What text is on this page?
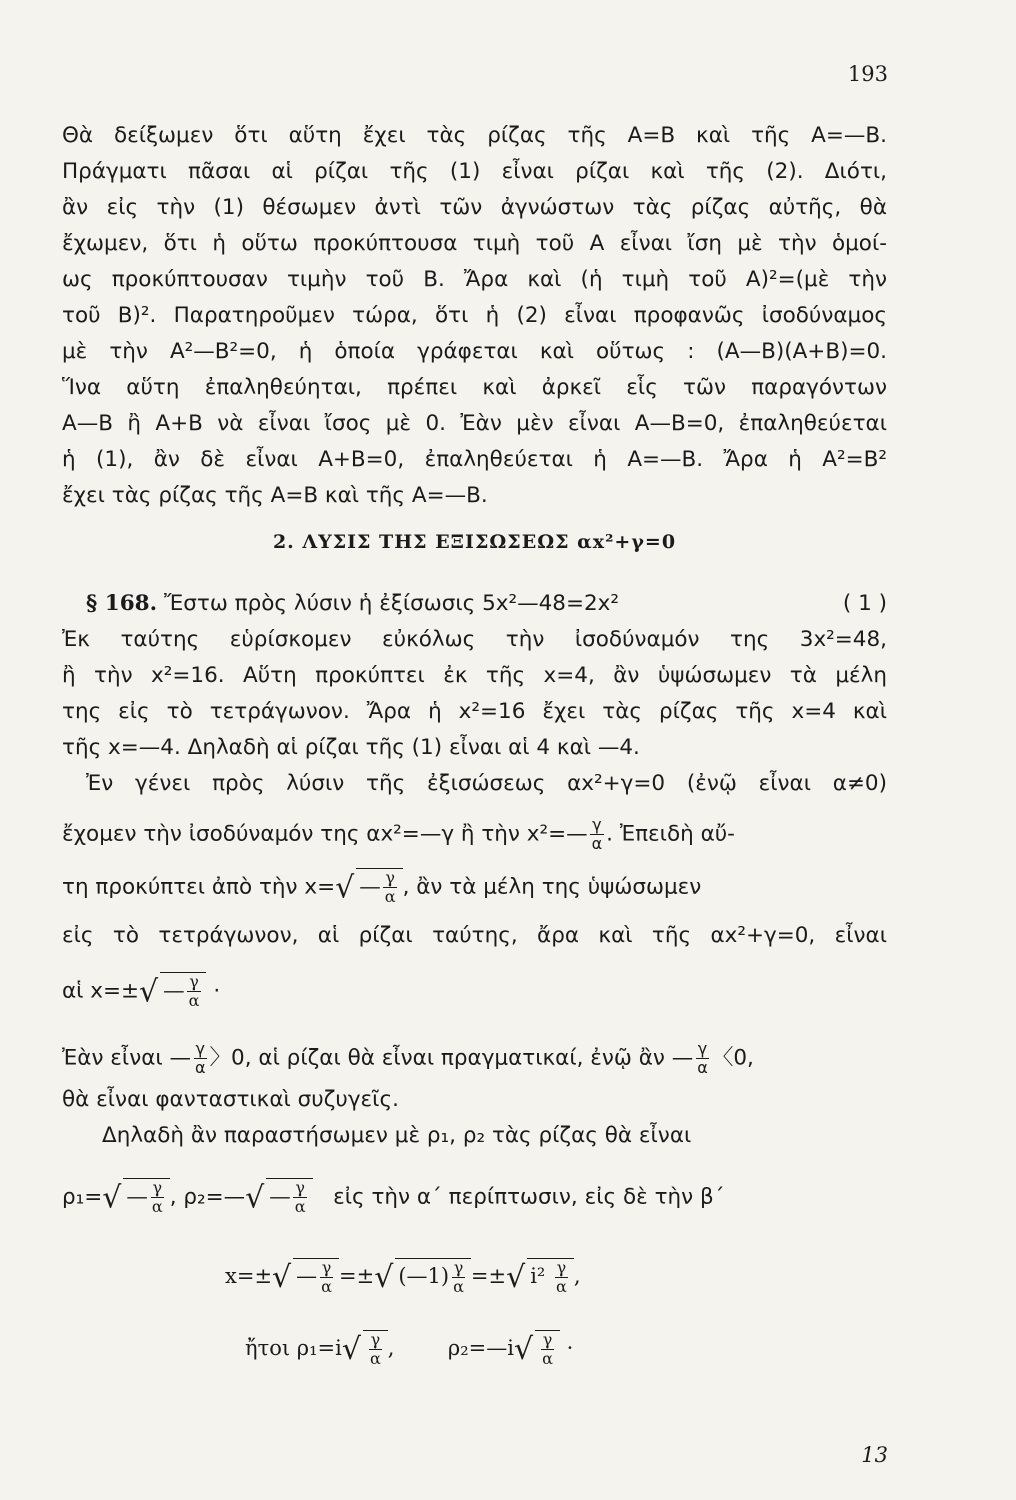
193
Θὰ δείξωμεν ὅτι αὕτη ἔχει τὰς ρίζας τῆς Α=Β καὶ τῆς Α=—Β.
Πράγματι πᾶσαι αἱ ρίζαι τῆς (1) εἶναι ρίζαι καὶ τῆς (2). Διότι,
ἂν εἰς τὴν (1) θέσωμεν ἀντὶ τῶν ἀγνώστων τὰς ρίζας αὐτῆς, θὰ
ἔχωμεν, ὅτι ἡ οὕτω προκύπτουσα τιμὴ τοῦ Α εἶναι ἴση μὲ τὴν ὁμοί-
ως προκύπτουσαν τιμὴν τοῦ Β. Ἄρα καὶ (ἡ τιμὴ τοῦ Α)²=(μὲ τὴν
τοῦ Β)². Παρατηροῦμεν τώρα, ὅτι ἡ (2) εἶναι προφανῶς ἰσοδύναμος
μὲ τὴν Α²—Β²=0, ἡ ὁποία γράφεται καὶ οὕτως : (Α—Β)(Α+Β)=0.
Ἵνα αὕτη ἐπαληθεύηται, πρέπει καὶ ἀρκεῖ εἷς τῶν παραγόντων
Α—Β ἢ Α+Β νὰ εἶναι ἴσος μὲ 0. Ἐὰν μὲν εἶναι Α—Β=0, ἐπαληθεύεται
ἡ (1), ἂν δὲ εἶναι Α+Β=0, ἐπαληθεύεται ἡ Α=—Β. Ἄρα ἡ Α²=Β²
ἔχει τὰς ρίζας τῆς Α=Β καὶ τῆς Α=—Β.
2. ΛΥΣΙΣ ΤΗΣ ΕΞΙΣΩΣΕΩΣ αx²+γ=0
§ 168. Ἔστω πρὸς λύσιν ἡ ἐξίσωσις 5x²—48=2x²	( 1 )
Ἐκ ταύτης εὑρίσκομεν εὐκόλως τὴν ἰσοδύναμόν της 3x²=48,
ἢ τὴν x²=16. Αὕτη προκύπτει ἐκ τῆς x=4, ἂν ὑψώσωμεν τὰ μέλη
της εἰς τὸ τετράγωνον. Ἄρα ἡ x²=16 ἔχει τὰς ρίζας τῆς x=4 καὶ
τῆς x=—4. Δηλαδὴ αἱ ρίζαι τῆς (1) εἶναι αἱ 4 καὶ —4.
Ἐν γένει πρὸς λύσιν τῆς ἐξισώσεως αx²+γ=0 (ἐνῷ εἶναι α≠0)
ἔχομεν τὴν ἰσοδύναμόν της αx²=—γ ἢ τὴν x²=— $\frac{\gamma}{\alpha}$ . Ἐπειδὴ αὔ-
τη προκύπτει ἀπὸ τὴν x=√ — $\frac{\gamma}{\alpha}$ , ἂν τὰ μέλη της ὑψώσωμεν
εἰς τὸ τετράγωνον, αἱ ρίζαι ταύτης, ἄρα καὶ τῆς αx²+γ=0, εἶναι
αἱ x=±√ — $\frac{\gamma}{\alpha}$ ·
Ἐὰν εἶναι — $\frac{\gamma}{\alpha}$ 〉0, αἱ ρίζαι θὰ εἶναι πραγματικαί, ἐνῷ ἂν — $\frac{\gamma}{\alpha}$ 〈0,
θὰ εἶναι φανταστικαὶ συζυγεῖς.
Δηλαδὴ ἂν παραστήσωμεν μὲ ρ₁, ρ₂ τὰς ρίζας θὰ εἶναι
ρ₁=√ — $\frac{\gamma}{\alpha}$ , ρ₂=—√ — $\frac{\gamma}{\alpha}$ εἰς τὴν α΄ περίπτωσιν, εἰς δὲ τὴν β΄
x=±√ — $\frac{\gamma}{\alpha}$ =±√ (—1) $\frac{\gamma}{\alpha}$ =±√ $i^2 \frac{\gamma}{\alpha}$ ,
ἤτοι $\rho_1=i√ \frac{\gamma}{\alpha}$ ,	ρ₂=—i√ $\frac{\gamma}{\alpha}$ ·
13
